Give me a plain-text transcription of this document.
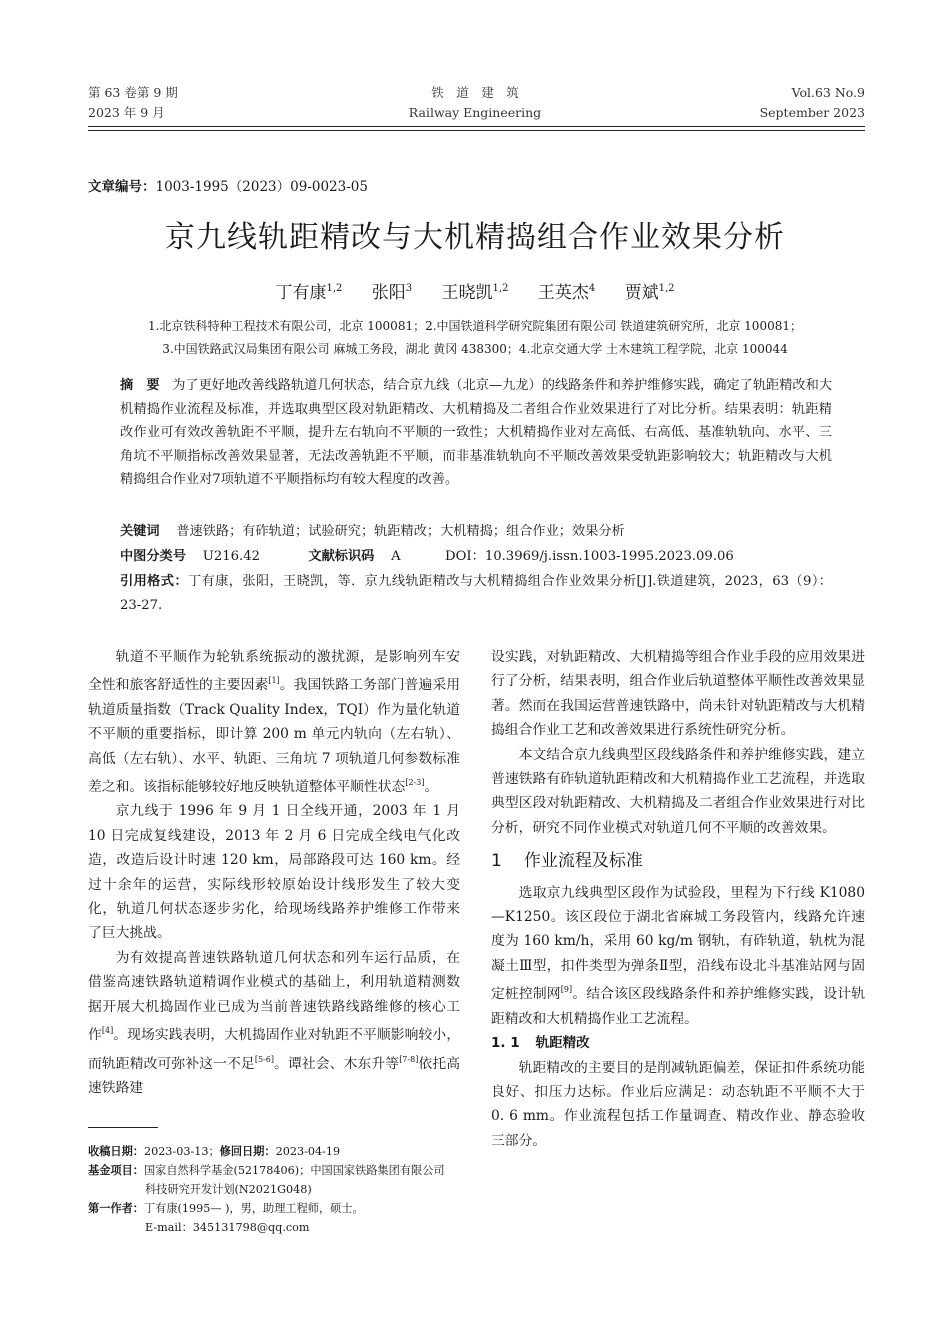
第 63 卷第 9 期
2023 年 9 月
铁　道　建　筑
Railway Engineering
Vol.63 No.9
September 2023
文章编号：1003-1995（2023）09-0023-05
京九线轨距精改与大机精捣组合作业效果分析
丁有康$^{1,2}$ 张阳$^3$ 王晓凯$^{1,2}$ 王英杰$^4$ 贾斌$^{1,2}$
1.北京铁科特种工程技术有限公司，北京 100081；2.中国铁道科学研究院集团有限公司 铁道建筑研究所，北京 100081；
3.中国铁路武汉局集团有限公司 麻城工务段，湖北 黄冈 438300；4.北京交通大学 土木建筑工程学院，北京 100044
摘　要 为了更好地改善线路轨道几何状态，结合京九线（北京—九龙）的线路条件和养护维修实践，确定了轨距精改和大机精捣作业流程及标准，并选取典型区段对轨距精改、大机精捣及二者组合作业效果进行了对比分析。结果表明：轨距精改作业可有效改善轨距不平顺，提升左右轨向不平顺的一致性；大机精捣作业对左高低、右高低、基准轨轨向、水平、三角坑不平顺指标改善效果显著，无法改善轨距不平顺，而非基准轨轨向不平顺改善效果受轨距影响较大；轨距精改与大机精捣组合作业对7项轨道不平顺指标均有较大程度的改善。
关键词 普速铁路；有砟轨道；试验研究；轨距精改；大机精捣；组合作业；效果分析
中图分类号 U216.42	文献标识码 A	DOI：10.3969/j.issn.1003-1995.2023.09.06
引用格式：丁有康，张阳，王晓凯，等．京九线轨距精改与大机精捣组合作业效果分析[J].铁道建筑，2023，63（9）：23-27.

轨道不平顺作为轮轨系统振动的激扰源，是影响列车安全性和旅客舒适性的主要因素[1]。我国铁路工务部门普遍采用轨道质量指数（Track Quality Index，TQI）作为量化轨道不平顺的重要指标，即计算 200 m 单元内轨向（左右轨）、高低（左右轨）、水平、轨距、三角坑 7 项轨道几何参数标准差之和。该指标能够较好地反映轨道整体平顺性状态[2-3]。

京九线于 1996 年 9 月 1 日全线开通，2003 年 1 月 10 日完成复线建设，2013 年 2 月 6 日完成全线电气化改造，改造后设计时速 120 km，局部路段可达 160 km。经过十余年的运营，实际线形较原始设计线形发生了较大变化，轨道几何状态逐步劣化，给现场线路养护维修工作带来了巨大挑战。

为有效提高普速铁路轨道几何状态和列车运行品质，在借鉴高速铁路轨道精调作业模式的基础上，利用轨道精测数据开展大机捣固作业已成为当前普速铁路线路维修的核心工作[4]。现场实践表明，大机捣固作业对轨距不平顺影响较小，而轨距精改可弥补这一不足[5-6]。谭社会、木东升等[7-8]依托高速铁路建

收稿日期：2023-03-13；修回日期：2023-04-19
基金项目：国家自然科学基金(52178406)；中国国家铁路集团有限公司
科技研究开发计划(N2021G048)
第一作者：丁有康(1995— )，男，助理工程师，硕士。
E-mail：345131798@qq.com
设实践，对轨距精改、大机精捣等组合作业手段的应用效果进行了分析，结果表明，组合作业后轨道整体平顺性改善效果显著。然而在我国运营普速铁路中，尚未针对轨距精改与大机精捣组合作业工艺和改善效果进行系统性研究分析。

本文结合京九线典型区段线路条件和养护维修实践，建立普速铁路有砟轨道轨距精改和大机精捣作业工艺流程，并选取典型区段对轨距精改、大机精捣及二者组合作业效果进行对比分析，研究不同作业模式对轨道几何不平顺的改善效果。

1 作业流程及标准

选取京九线典型区段作为试验段，里程为下行线 K1080—K1250。该区段位于湖北省麻城工务段管内，线路允许速度为 160 km/h，采用 60 kg/m 钢轨，有砟轨道，轨枕为混凝土Ⅲ型，扣件类型为弹条Ⅱ型，沿线布设北斗基准站网与固定桩控制网[9]。结合该区段线路条件和养护维修实践，设计轨距精改和大机精捣作业工艺流程。

1. 1 轨距精改

轨距精改的主要目的是削减轨距偏差，保证扣件系统功能良好、扣压力达标。作业后应满足：动态轨距不平顺不大于 0. 6 mm。作业流程包括工作量调查、精改作业、静态验收三部分。
